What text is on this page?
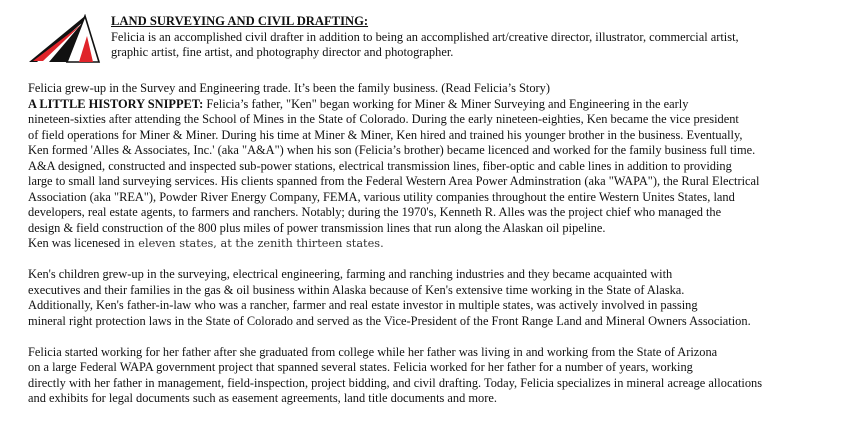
LAND SURVEYING AND CIVIL DRAFTING:
Felicia is an accomplished civil drafter in addition to being an accomplished art/creative director, illustrator, commercial artist,
graphic artist, fine artist, and photography director and photographer.
Felicia grew-up in the Survey and Engineering trade. It’s been the family business. (Read Felicia’s Story)
A LITTLE HISTORY SNIPPET: Felicia’s father, "Ken" began working for Miner & Miner Surveying and Engineering in the early
nineteen-sixties after attending the School of Mines in the State of Colorado. During the early nineteen-eighties, Ken became the vice president
of field operations for Miner & Miner. During his time at Miner & Miner, Ken hired and trained his younger brother in the business. Eventually,
Ken formed 'Alles & Associates, Inc.' (aka "A&A") when his son (Felicia’s brother) became licenced and worked for the family business full time.
A&A designed, constructed and inspected sub-power stations, electrical transmission lines, fiber-optic and cable lines in addition to providing
large to small land surveying services. His clients spanned from the Federal Western Area Power Adminstration (aka "WAPA"), the Rural Electrical
Association (aka "REA"), Powder River Energy Company, FEMA, various utility companies throughout the entire Western Unites States, land
developers, real estate agents, to farmers and ranchers. Notably; during the 1970's, Kenneth R. Alles was the project chief who managed the
design & field construction of the 800 plus miles of power transmission lines that run along the Alaskan oil pipeline.
Ken was licenesed in eleven states, at the zenith thirteen states.
Ken's children grew-up in the surveying, electrical engineering, farming and ranching industries and they became acquainted with
executives and their families in the gas & oil business within Alaska because of Ken's extensive time working in the State of Alaska.
Additionally, Ken's father-in-law who was a rancher, farmer and real estate investor in multiple states, was actively involved in passing
mineral right protection laws in the State of Colorado and served as the Vice-President of the Front Range Land and Mineral Owners Association.
Felicia started working for her father after she graduated from college while her father was living in and working from the State of Arizona
on a large Federal WAPA government project that spanned several states. Felicia worked for her father for a number of years, working
directly with her father in management, field-inspection, project bidding, and civil drafting. Today, Felicia specializes in mineral acreage allocations
and exhibits for legal documents such as easement agreements, land title documents and more.
